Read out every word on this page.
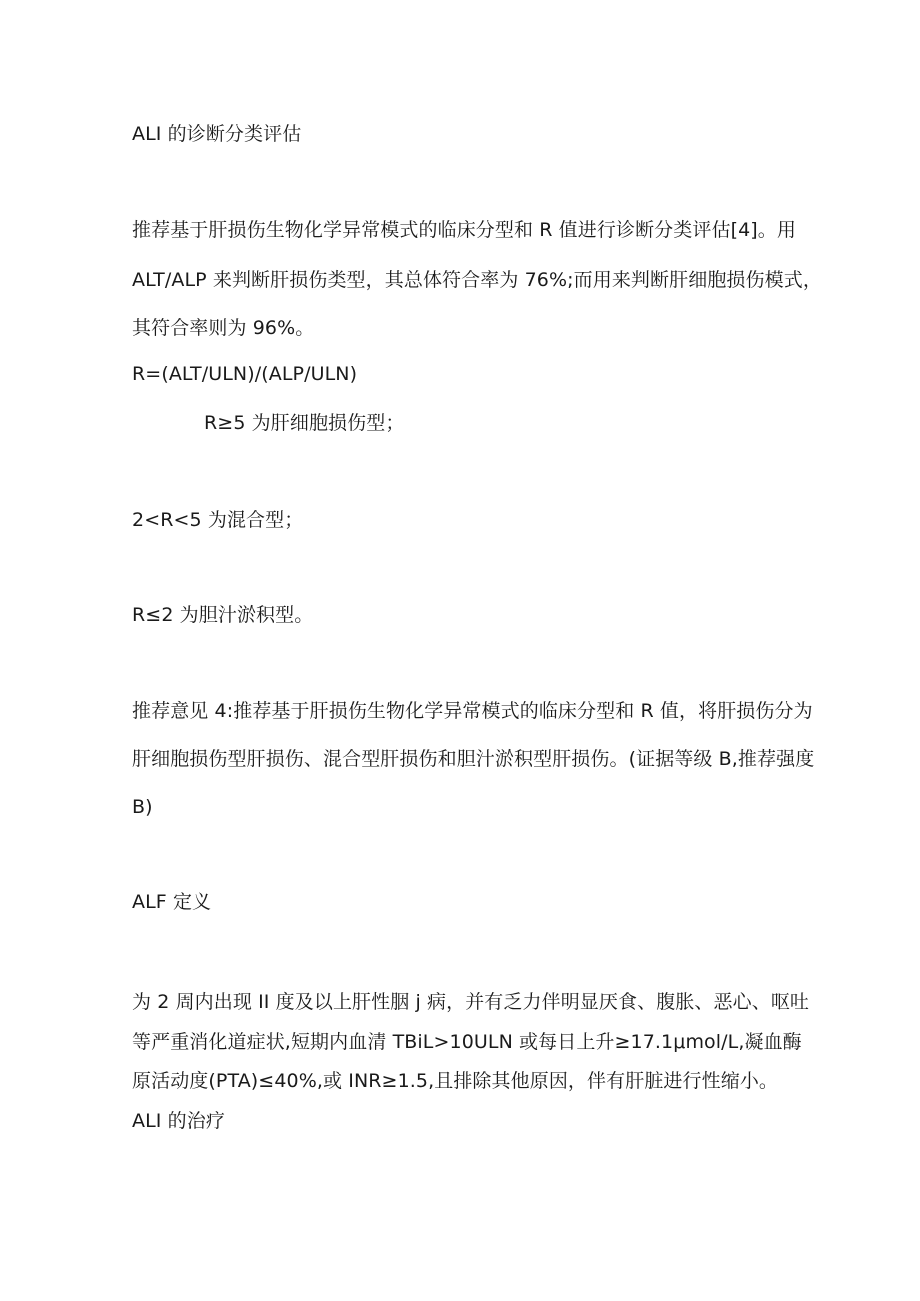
ALI 的诊断分类评估
推荐基于肝损伤生物化学异常模式的临床分型和 R 值进行诊断分类评估[4]。用
ALT/ALP 来判断肝损伤类型，其总体符合率为 76%;而用来判断肝细胞损伤模式，
其符合率则为 96%。
R=(ALT/ULN)/(ALP/ULN)
R≥5 为肝细胞损伤型；
2<R<5 为混合型；
R≤2 为胆汁淤积型。
推荐意见 4:推荐基于肝损伤生物化学异常模式的临床分型和 R 值，将肝损伤分为
肝细胞损伤型肝损伤、混合型肝损伤和胆汁淤积型肝损伤。(证据等级 B,推荐强度
B)
ALF 定义
为 2 周内出现 II 度及以上肝性胭 j 病，并有乏力伴明显厌食、腹胀、恶心、呕吐
等严重消化道症状,短期内血清 TBiL>10ULN 或每日上升≥17.1μmol/L,凝血酶
原活动度(PTA)≤40%,或 INR≥1.5,且排除其他原因，伴有肝脏进行性缩小。
ALI 的治疗
